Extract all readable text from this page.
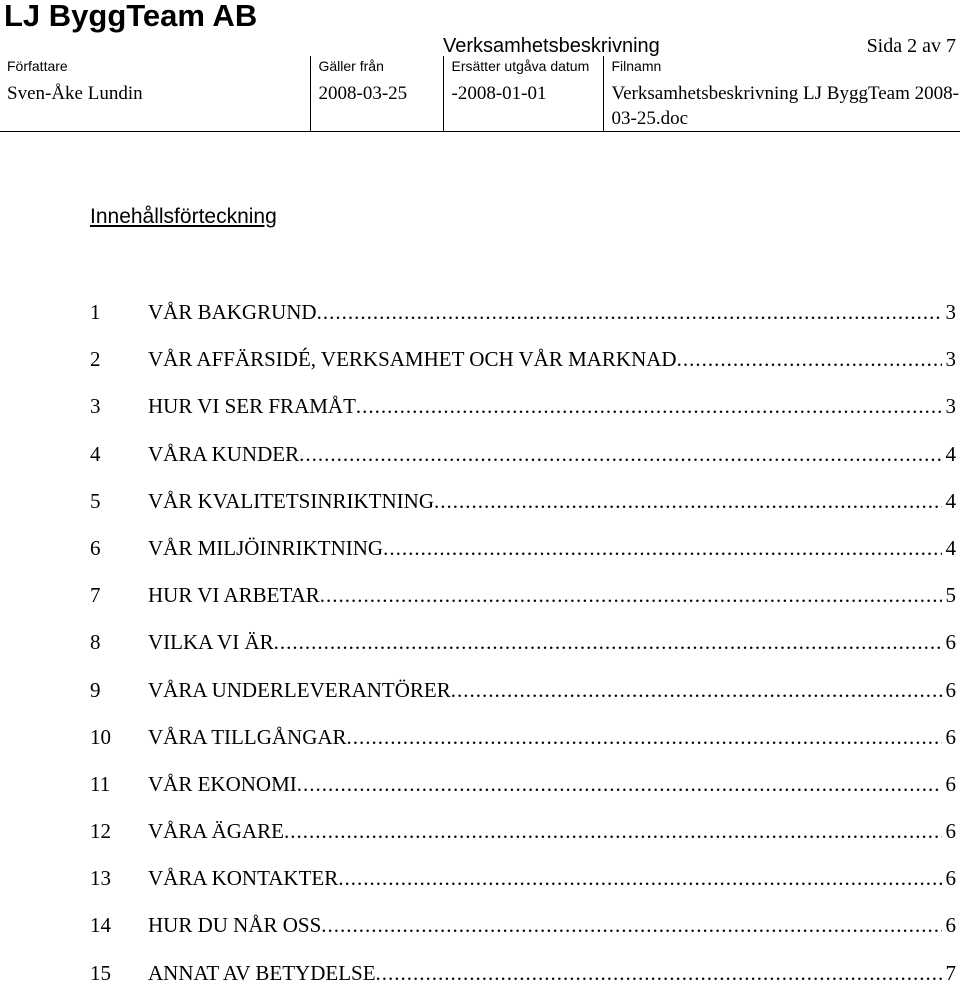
LJ ByggTeam AB
Verksamhetsbeskrivning	Sida 2 av 7
Författare
Sven-Åke Lundin

Gäller från
2008-03-25

Ersätter utgåva datum
-2008-01-01

Filnamn
Verksamhetsbeskrivning LJ ByggTeam 2008-03-25.doc
Innehållsförteckning
1	VÅR BAKGRUND .....	3
2	VÅR AFFÄRSIDÉ, VERKSAMHET OCH VÅR MARKNAD .....	3
3	HUR VI SER FRAMÅT .....	3
4	VÅRA KUNDER .....	4
5	VÅR KVALITETSINRIKTNING .....	4
6	VÅR MILJÖINRIKTNING .....	4
7	HUR VI ARBETAR .....	5
8	VILKA VI ÄR .....	6
9	VÅRA UNDERLEVERANTÖRER .....	6
10	VÅRA TILLGÅNGAR .....	6
11	VÅR EKONOMI .....	6
12	VÅRA ÄGARE .....	6
13	VÅRA KONTAKTER .....	6
14	HUR DU NÅR OSS .....	6
15	ANNAT AV BETYDELSE .....	7
